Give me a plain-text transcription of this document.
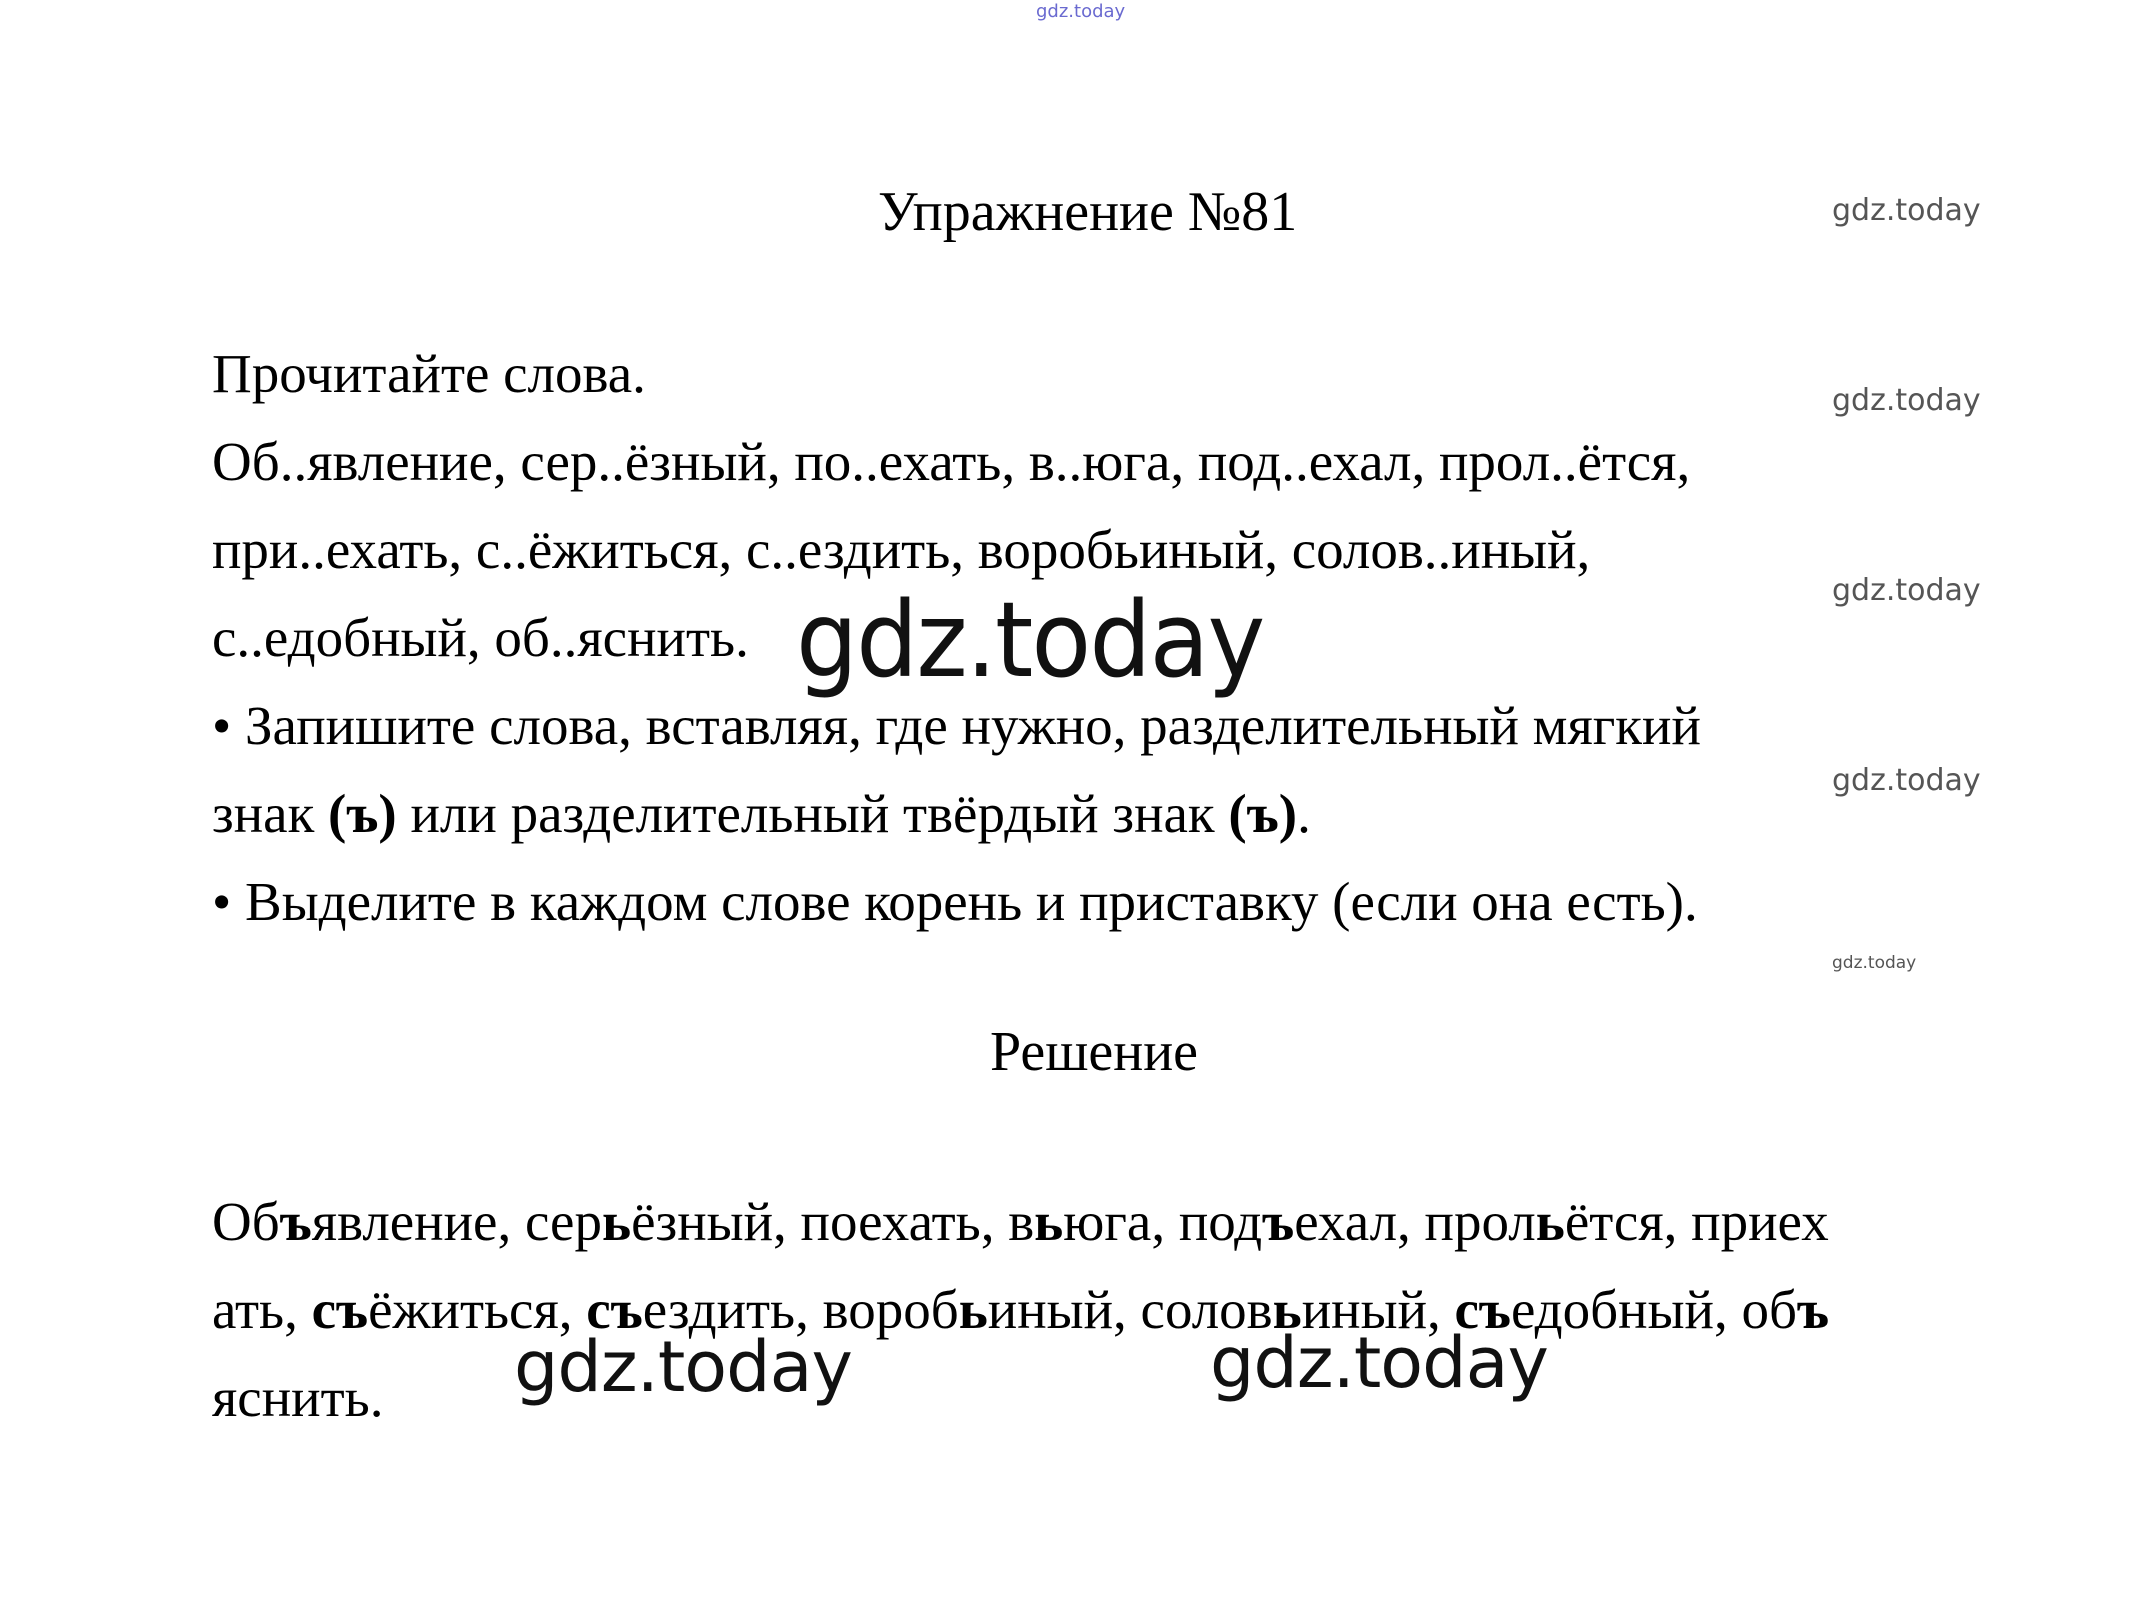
gdz.today
gdz.today
gdz.today
gdz.today
gdz.today
gdz.today
Упражнение №81
Прочитайте слова.
Об..явление, сер..ёзный, по..ехать, в..юга, под..ехал, прол..ётся,
при..ехать, с..ёжиться, с..ездить, воробьиный, солов..иный,
с..едобный, об..яснить.
• Запишите слова, вставляя, где нужно, разделительный мягкий
знак (ъ) или разделительный твёрдый знак (ъ).
• Выделите в каждом слове корень и приставку (если она есть).
gdz.today
Решение
Объявление, серьёзный, поехать, вьюга, подъехал, прольётся, приех
ать, съёжиться, съездить, воробьиный, соловьиный, съедобный, объ
яснить. gdz.today	gdz.today
